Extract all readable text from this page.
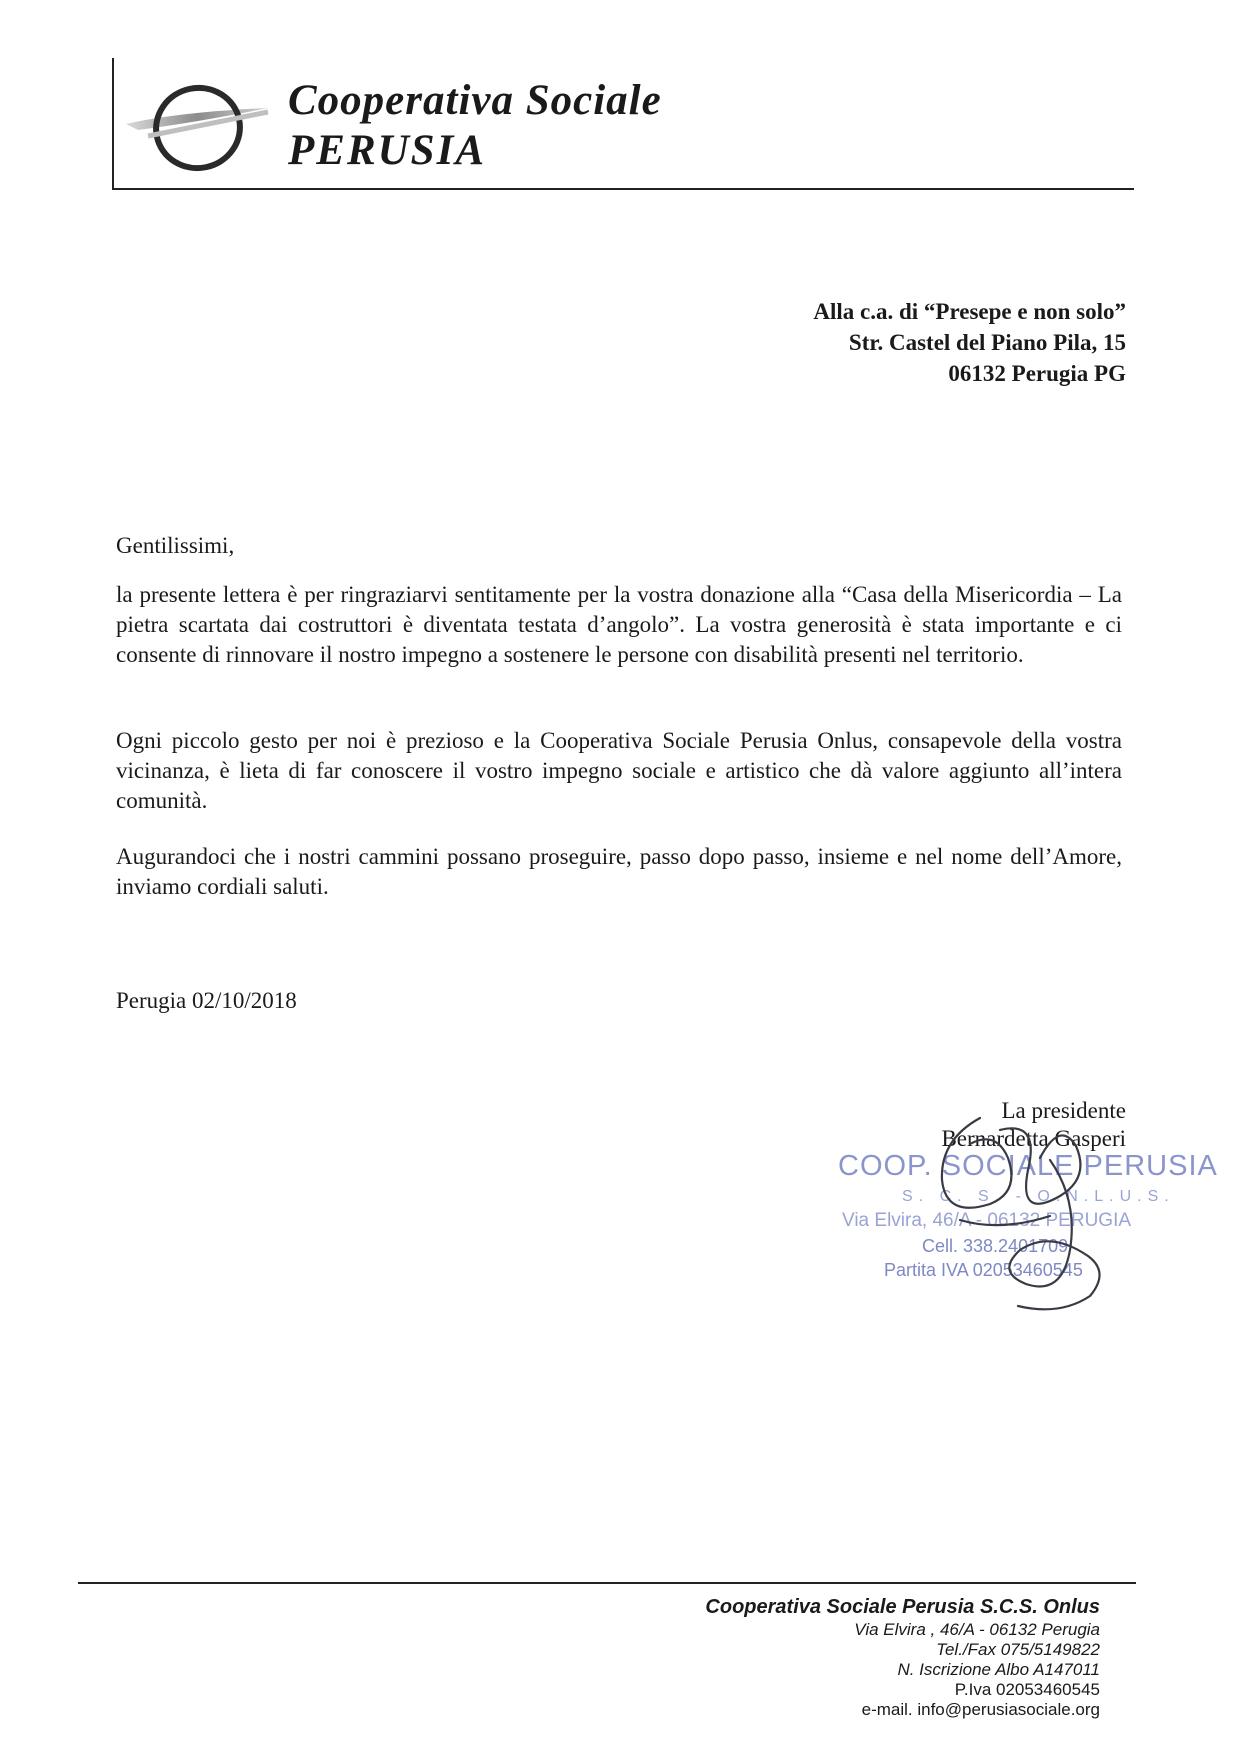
Cooperativa Sociale
PERUSIA
Alla c.a. di “Presepe e non solo”
Str. Castel del Piano Pila, 15
06132 Perugia PG
Gentilissimi,
la presente lettera è per ringraziarvi sentitamente per la vostra donazione alla “Casa della Misericordia – La pietra scartata dai costruttori è diventata testata d’angolo”. La vostra generosità è stata importante e ci consente di rinnovare il nostro impegno a sostenere le persone con disabilità presenti nel territorio.
Ogni piccolo gesto per noi è prezioso e la Cooperativa Sociale Perusia Onlus, consapevole della vostra vicinanza, è lieta di far conoscere il vostro impegno sociale e artistico che dà valore aggiunto all’intera comunità.
Augurandoci che i nostri cammini possano proseguire, passo dopo passo, insieme e nel nome dell’Amore, inviamo cordiali saluti.
Perugia 02/10/2018
COOP. SOCIALE PERUSIA
S. C. S. - O.N.L.U.S.
Via Elvira, 46/A - 06132 PERUGIA
Cell. 338.2401709
Partita IVA 02053460545
La presidente
Bernardetta Gasperi
Cooperativa Sociale Perusia S.C.S. Onlus
Via Elvira , 46/A - 06132 Perugia
Tel./Fax 075/5149822
N. Iscrizione Albo A147011
P.Iva 02053460545
e-mail. info@perusiasociale.org
